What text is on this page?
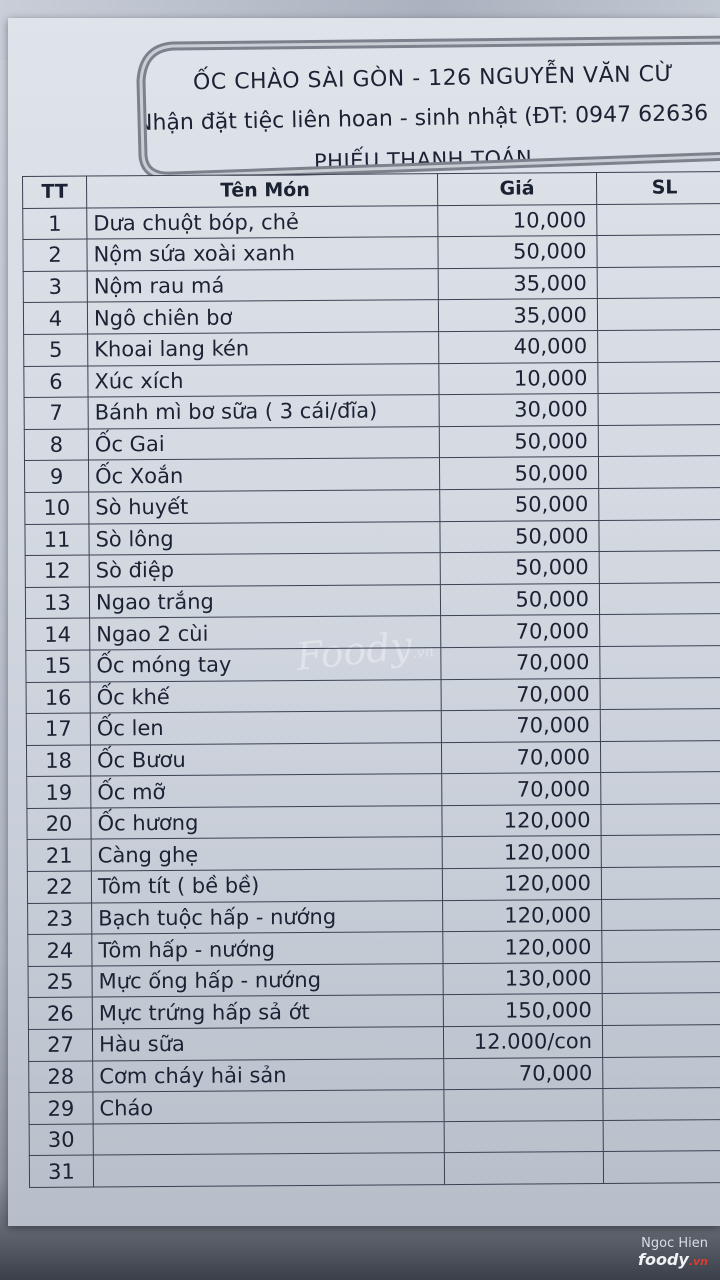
ỐC CHÀO SÀI GÒN - 126 NGUYỄN VĂN CỪ
Nhận đặt tiệc liên hoan - sinh nhật (ĐT: 0947 62636
PHIẾU THANH TOÁN
Foody.vn
TT	Tên Món	Giá	SL
1	Dưa chuột bóp, chẻ	10,000	
2	Nộm sứa xoài xanh	50,000	
3	Nộm rau má	35,000	
4	Ngô chiên bơ	35,000	
5	Khoai lang kén	40,000	
6	Xúc xích	10,000	
7	Bánh mì bơ sữa ( 3 cái/đĩa)	30,000	
8	Ốc Gai	50,000	
9	Ốc Xoắn	50,000	
10	Sò huyết	50,000	
11	Sò lông	50,000	
12	Sò điệp	50,000	
13	Ngao trắng	50,000	
14	Ngao 2 cùi	70,000	
15	Ốc móng tay	70,000	
16	Ốc khế	70,000	
17	Ốc len	70,000	
18	Ốc Bươu	70,000	
19	Ốc mỡ	70,000	
20	Ốc hương	120,000	
21	Càng ghẹ	120,000	
22	Tôm tít ( bề bề)	120,000	
23	Bạch tuộc hấp - nướng	120,000	
24	Tôm hấp - nướng	120,000	
25	Mực ống hấp - nướng	130,000	
26	Mực trứng hấp sả ớt	150,000	
27	Hàu sữa	12.000/con	
28	Cơm cháy hải sản	70,000	
29	Cháo		
30			
31			
Ngoc Hien
foody.vn
